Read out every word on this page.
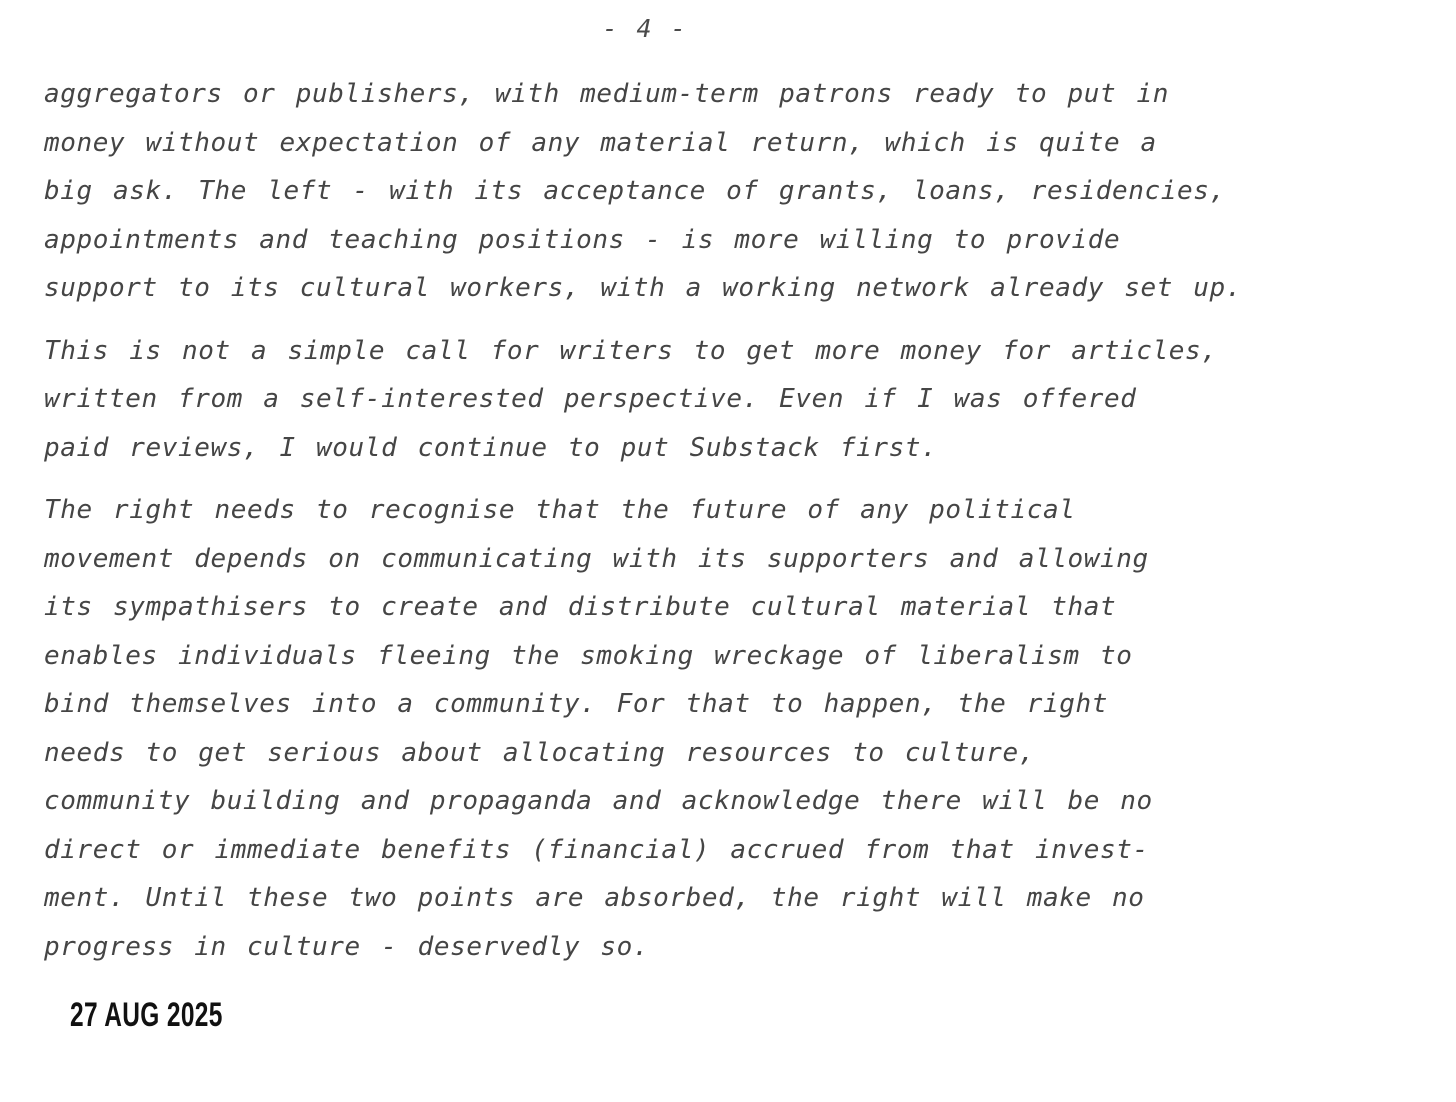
- 4 -
aggregators or publishers, with medium-term patrons ready to put in
money without expectation of any material return, which is quite a
big ask. The left - with its acceptance of grants, loans, residencies,
appointments and teaching positions - is more willing to provide
support to its cultural workers, with a working network already set up.
This is not a simple call for writers to get more money for articles,
written from a self-interested perspective. Even if I was offered
paid reviews, I would continue to put Substack first.
The right needs to recognise that the future of any political
movement depends on communicating with its supporters and allowing
its sympathisers to create and distribute cultural material that
enables individuals fleeing the smoking wreckage of liberalism to
bind themselves into a community. For that to happen, the right
needs to get serious about allocating resources to culture,
community building and propaganda and acknowledge there will be no
direct or immediate benefits (financial) accrued from that invest-
ment. Until these two points are absorbed, the right will make no
progress in culture - deservedly so.
27 AUG 2025
